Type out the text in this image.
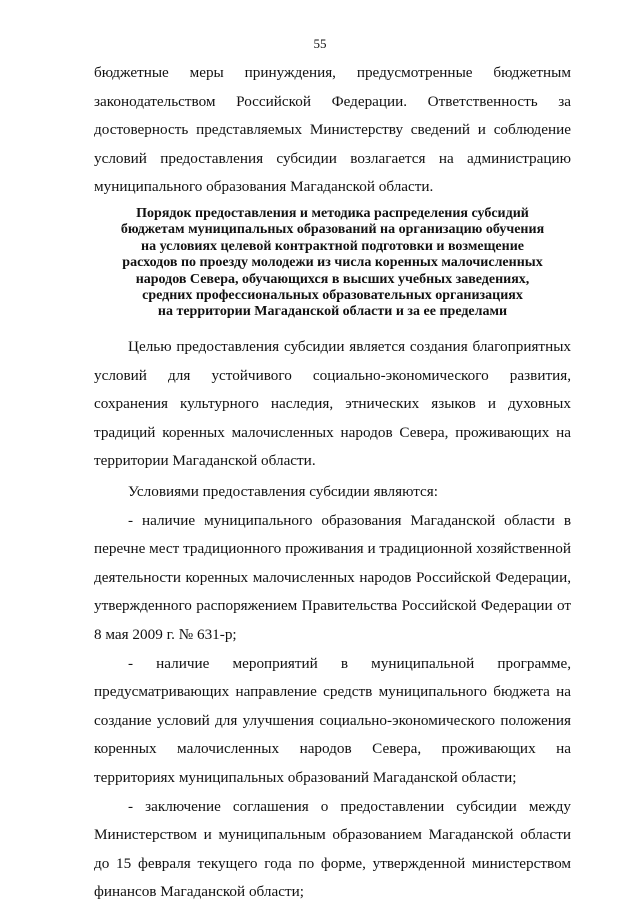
55

бюджетные меры принуждения, предусмотренные бюджетным законодательством Российской Федерации. Ответственность за достоверность представляемых Министерству сведений и соблюдение условий предоставления субсидии возлагается на администрацию муниципального образования Магаданской области.

Порядок предоставления и методика распределения субсидий
бюджетам муниципальных образований на организацию обучения
на условиях целевой контрактной подготовки и возмещение
расходов по проезду молодежи из числа коренных малочисленных
народов Севера, обучающихся в высших учебных заведениях,
средних профессиональных образовательных организациях
на территории Магаданской области и за ее пределами

Целью предоставления субсидии является создания благоприятных условий для устойчивого социально-экономического развития, сохранения культурного наследия, этнических языков и духовных традиций коренных малочисленных народов Севера, проживающих на территории Магаданской области.

Условиями предоставления субсидии являются:

- наличие муниципального образования Магаданской области в перечне мест традиционного проживания и традиционной хозяйственной деятельности коренных малочисленных народов Российской Федерации, утвержденного распоряжением Правительства Российской Федерации от 8 мая 2009 г. № 631-р;

- наличие мероприятий в муниципальной программе, предусматривающих направление средств муниципального бюджета на создание условий для улучшения социально-экономического положения коренных малочисленных народов Севера, проживающих на территориях муниципальных образований Магаданской области;

- заключение соглашения о предоставлении субсидии между Министерством и муниципальным образованием Магаданской области до 15 февраля текущего года по форме, утвержденной министерством финансов Магаданской области;
